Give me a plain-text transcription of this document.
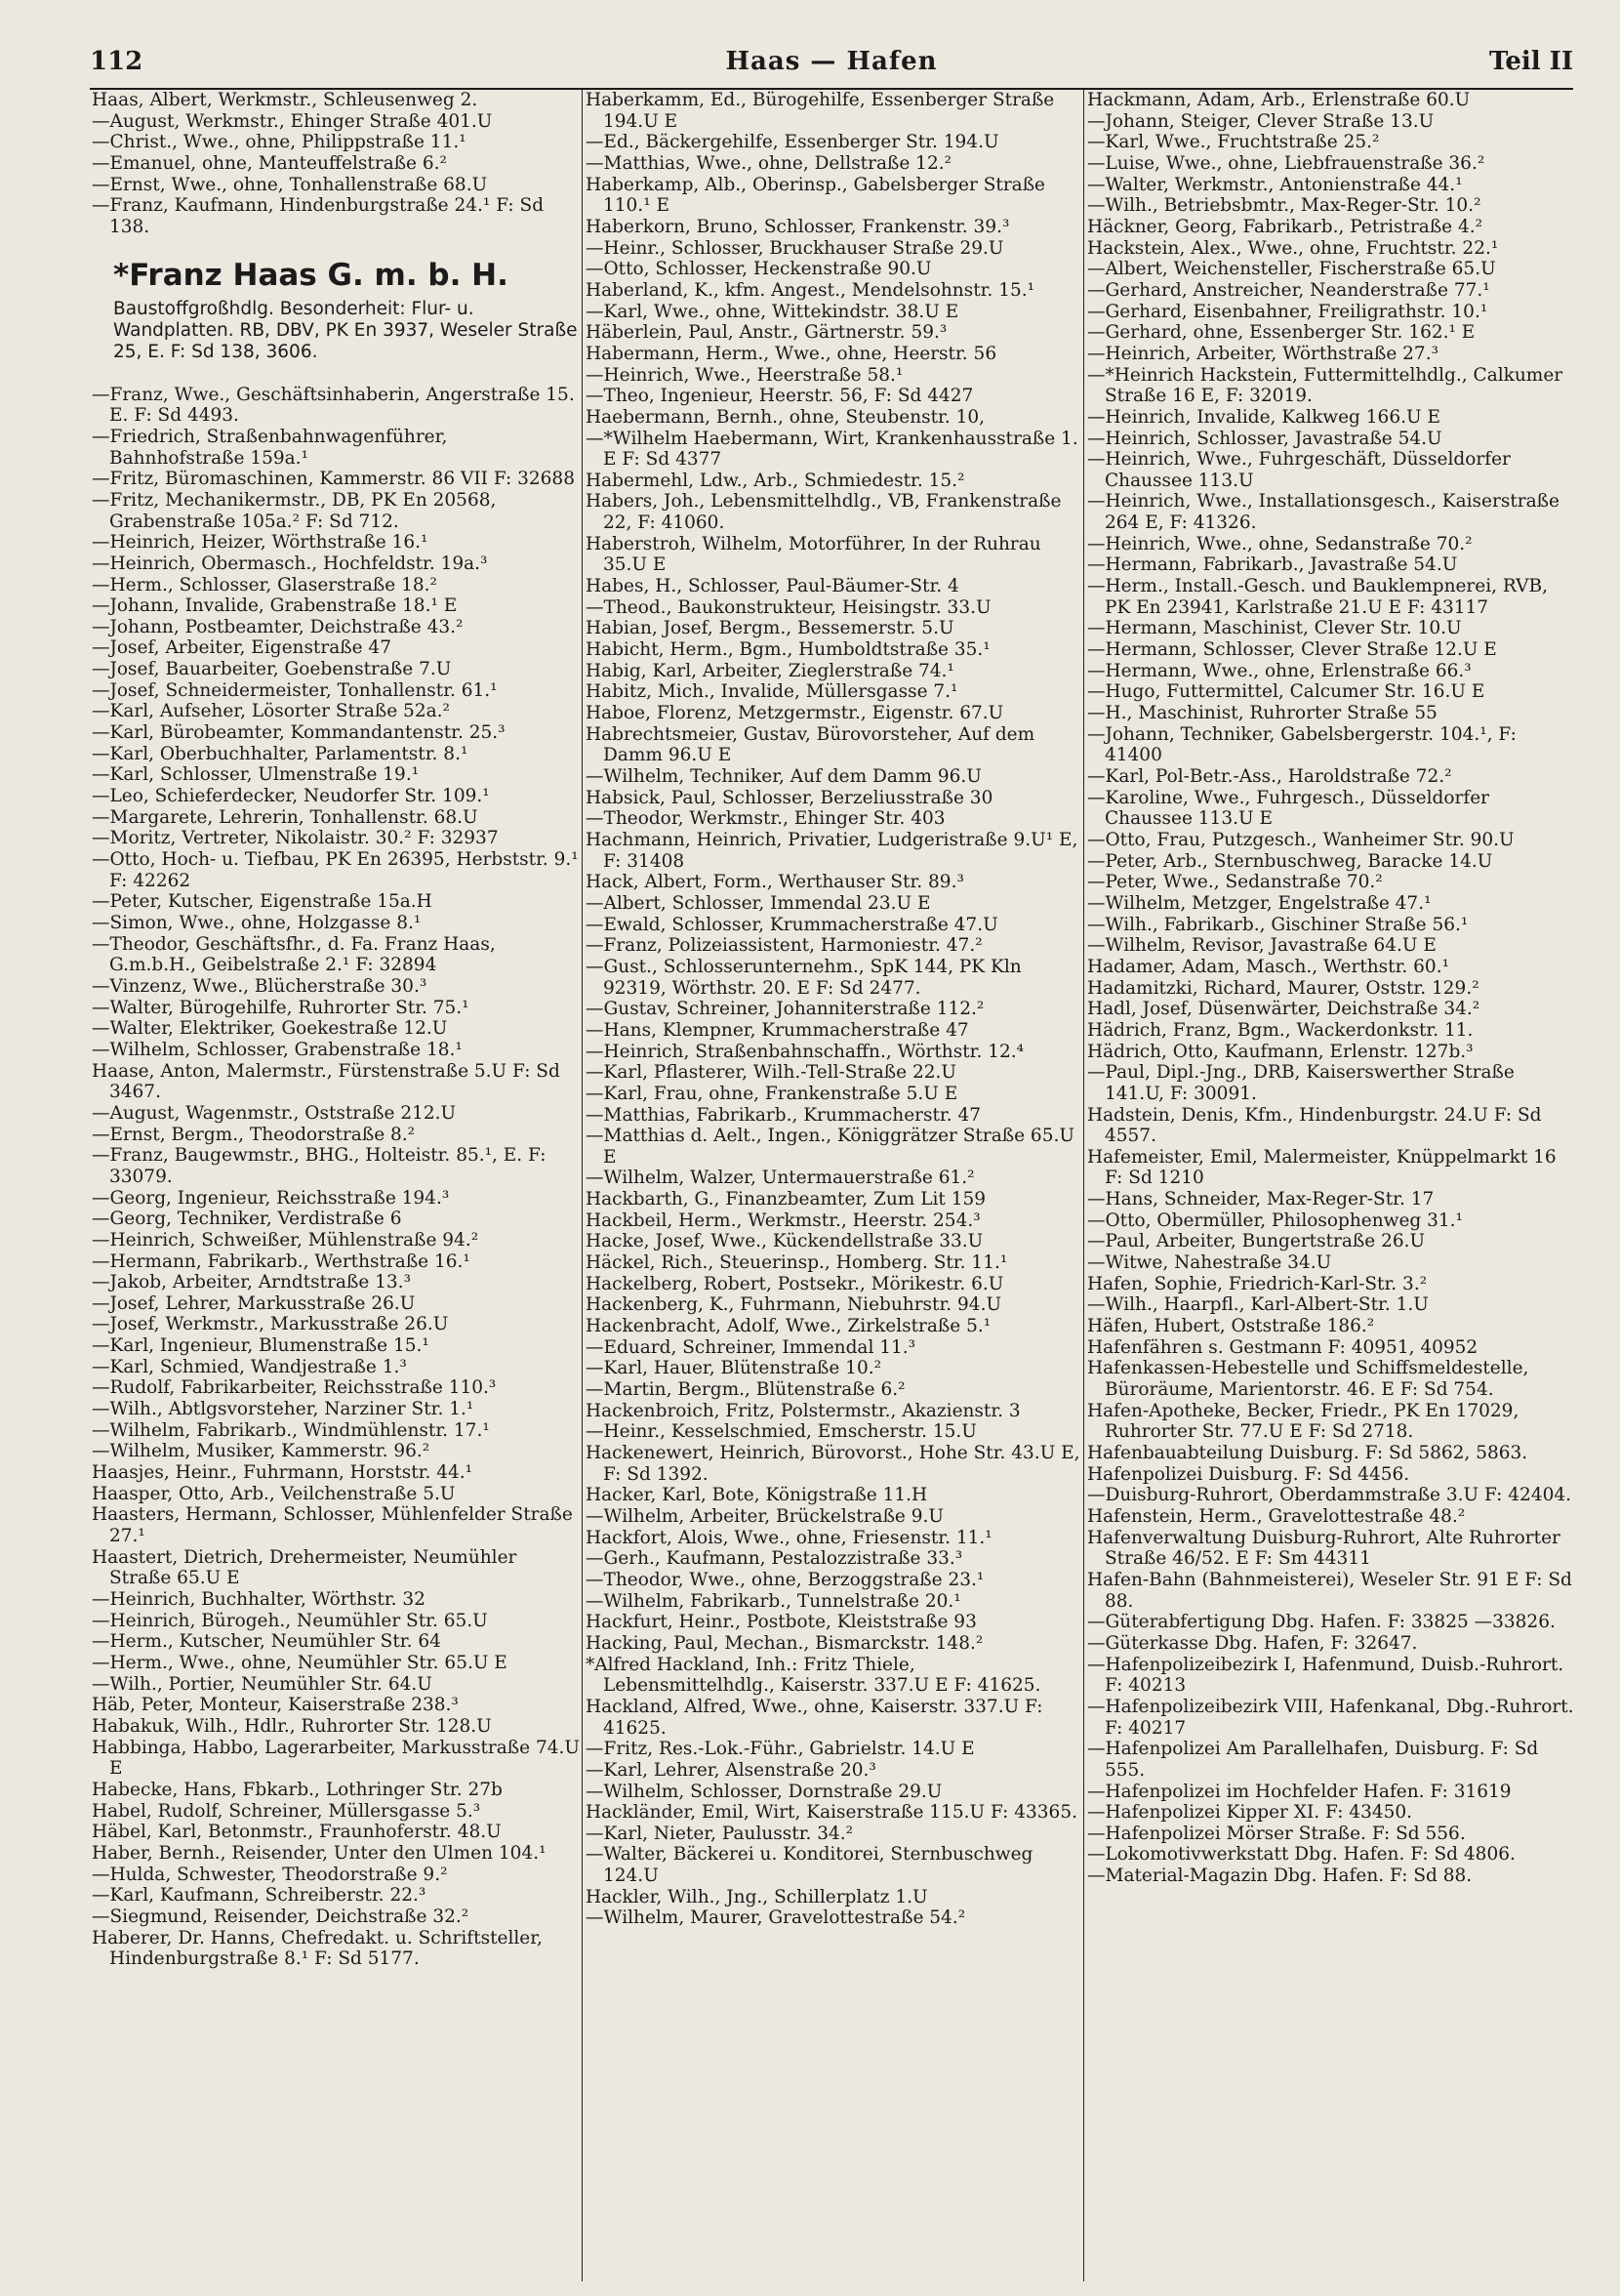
112	Haas — Hafen	Teil II

Haas, Albert, Werkmstr., Schleusenweg 2.

—August, Werkmstr., Ehinger Straße 401.U

—Christ., Wwe., ohne, Philippstraße 11.¹

—Emanuel, ohne, Manteuffelstraße 6.²

—Ernst, Wwe., ohne, Tonhallenstraße 68.U

—Franz, Kaufmann, Hindenburgstraße 24.¹ F: Sd 138.

*Franz Haas G. m. b. H.
Baustoffgroßhdlg. Besonderheit: Flur- u. Wandplatten. RB, DBV, PK En 3937, Weseler Straße 25, E. F: Sd 138, 3606.

—Franz, Wwe., Geschäftsinhaberin, Angerstraße 15. E. F: Sd 4493.

—Friedrich, Straßenbahnwagenführer, Bahnhofstraße 159a.¹

—Fritz, Büromaschinen, Kammerstr. 86 VII F: 32688

—Fritz, Mechanikermstr., DB, PK En 20568, Grabenstraße 105a.² F: Sd 712.

—Heinrich, Heizer, Wörthstraße 16.¹

—Heinrich, Obermasch., Hochfeldstr. 19a.³

—Herm., Schlosser, Glaserstraße 18.²

—Johann, Invalide, Grabenstraße 18.¹ E

—Johann, Postbeamter, Deichstraße 43.²

—Josef, Arbeiter, Eigenstraße 47

—Josef, Bauarbeiter, Goebenstraße 7.U

—Josef, Schneidermeister, Tonhallenstr. 61.¹

—Karl, Aufseher, Lösorter Straße 52a.²

—Karl, Bürobeamter, Kommandantenstr. 25.³

—Karl, Oberbuchhalter, Parlamentstr. 8.¹

—Karl, Schlosser, Ulmenstraße 19.¹

—Leo, Schieferdecker, Neudorfer Str. 109.¹

—Margarete, Lehrerin, Tonhallenstr. 68.U

—Moritz, Vertreter, Nikolaistr. 30.² F: 32937

—Otto, Hoch- u. Tiefbau, PK En 26395, Herbststr. 9.¹ F: 42262

—Peter, Kutscher, Eigenstraße 15a.H

—Simon, Wwe., ohne, Holzgasse 8.¹

—Theodor, Geschäftsfhr., d. Fa. Franz Haas, G.m.b.H., Geibelstraße 2.¹ F: 32894

—Vinzenz, Wwe., Blücherstraße 30.³

—Walter, Bürogehilfe, Ruhrorter Str. 75.¹

—Walter, Elektriker, Goekestraße 12.U

—Wilhelm, Schlosser, Grabenstraße 18.¹

Haase, Anton, Malermstr., Fürstenstraße 5.U F: Sd 3467.

—August, Wagenmstr., Oststraße 212.U

—Ernst, Bergm., Theodorstraße 8.²

—Franz, Baugewmstr., BHG., Holteistr. 85.¹, E. F: 33079.

—Georg, Ingenieur, Reichsstraße 194.³

—Georg, Techniker, Verdistraße 6

—Heinrich, Schweißer, Mühlenstraße 94.²

—Hermann, Fabrikarb., Werthstraße 16.¹

—Jakob, Arbeiter, Arndtstraße 13.³

—Josef, Lehrer, Markusstraße 26.U

—Josef, Werkmstr., Markusstraße 26.U

—Karl, Ingenieur, Blumenstraße 15.¹

—Karl, Schmied, Wandjestraße 1.³

—Rudolf, Fabrikarbeiter, Reichsstraße 110.³

—Wilh., Abtlgsvorsteher, Narziner Str. 1.¹

—Wilhelm, Fabrikarb., Windmühlenstr. 17.¹

—Wilhelm, Musiker, Kammerstr. 96.²

Haasjes, Heinr., Fuhrmann, Horststr. 44.¹

Haasper, Otto, Arb., Veilchenstraße 5.U

Haasters, Hermann, Schlosser, Mühlenfelder Straße 27.¹

Haastert, Dietrich, Drehermeister, Neumühler Straße 65.U E

—Heinrich, Buchhalter, Wörthstr. 32

—Heinrich, Bürogeh., Neumühler Str. 65.U

—Herm., Kutscher, Neumühler Str. 64

—Herm., Wwe., ohne, Neumühler Str. 65.U E

—Wilh., Portier, Neumühler Str. 64.U

Häb, Peter, Monteur, Kaiserstraße 238.³

Habakuk, Wilh., Hdlr., Ruhrorter Str. 128.U

Habbinga, Habbo, Lagerarbeiter, Markusstraße 74.U E

Habecke, Hans, Fbkarb., Lothringer Str. 27b

Habel, Rudolf, Schreiner, Müllersgasse 5.³

Häbel, Karl, Betonmstr., Fraunhoferstr. 48.U

Haber, Bernh., Reisender, Unter den Ulmen 104.¹

—Hulda, Schwester, Theodorstraße 9.²

—Karl, Kaufmann, Schreiberstr. 22.³

—Siegmund, Reisender, Deichstraße 32.²

Haberer, Dr. Hanns, Chefredakt. u. Schriftsteller, Hindenburgstraße 8.¹ F: Sd 5177.

Haberkamm, Ed., Bürogehilfe, Essenberger Straße 194.U E

—Ed., Bäckergehilfe, Essenberger Str. 194.U

—Matthias, Wwe., ohne, Dellstraße 12.²

Haberkamp, Alb., Oberinsp., Gabelsberger Straße 110.¹ E

Haberkorn, Bruno, Schlosser, Frankenstr. 39.³

—Heinr., Schlosser, Bruckhauser Straße 29.U

—Otto, Schlosser, Heckenstraße 90.U

Haberland, K., kfm. Angest., Mendelsohnstr. 15.¹

—Karl, Wwe., ohne, Wittekindstr. 38.U E

Häberlein, Paul, Anstr., Gärtnerstr. 59.³

Habermann, Herm., Wwe., ohne, Heerstr. 56

—Heinrich, Wwe., Heerstraße 58.¹

—Theo, Ingenieur, Heerstr. 56, F: Sd 4427

Haebermann, Bernh., ohne, Steubenstr. 10,

—*Wilhelm Haebermann, Wirt, Krankenhausstraße 1. E F: Sd 4377

Habermehl, Ldw., Arb., Schmiedestr. 15.²

Habers, Joh., Lebensmittelhdlg., VB, Frankenstraße 22, F: 41060.

Haberstroh, Wilhelm, Motorführer, In der Ruhrau 35.U E

Habes, H., Schlosser, Paul-Bäumer-Str. 4

—Theod., Baukonstrukteur, Heisingstr. 33.U

Habian, Josef, Bergm., Bessemerstr. 5.U

Habicht, Herm., Bgm., Humboldtstraße 35.¹

Habig, Karl, Arbeiter, Zieglerstraße 74.¹

Habitz, Mich., Invalide, Müllersgasse 7.¹

Haboe, Florenz, Metzgermstr., Eigenstr. 67.U

Habrechtsmeier, Gustav, Bürovorsteher, Auf dem Damm 96.U E

—Wilhelm, Techniker, Auf dem Damm 96.U

Habsick, Paul, Schlosser, Berzeliusstraße 30

—Theodor, Werkmstr., Ehinger Str. 403

Hachmann, Heinrich, Privatier, Ludgeristraße 9.U¹ E, F: 31408

Hack, Albert, Form., Werthauser Str. 89.³

—Albert, Schlosser, Immendal 23.U E

—Ewald, Schlosser, Krummacherstraße 47.U

—Franz, Polizeiassistent, Harmoniestr. 47.²

—Gust., Schlosserunternehm., SpK 144, PK Kln 92319, Wörthstr. 20. E F: Sd 2477.

—Gustav, Schreiner, Johanniterstraße 112.²

—Hans, Klempner, Krummacherstraße 47

—Heinrich, Straßenbahnschaffn., Wörthstr. 12.⁴

—Karl, Pflasterer, Wilh.-Tell-Straße 22.U

—Karl, Frau, ohne, Frankenstraße 5.U E

—Matthias, Fabrikarb., Krummacherstr. 47

—Matthias d. Aelt., Ingen., Königgrätzer Straße 65.U E

—Wilhelm, Walzer, Untermauerstraße 61.²

Hackbarth, G., Finanzbeamter, Zum Lit 159

Hackbeil, Herm., Werkmstr., Heerstr. 254.³

Hacke, Josef, Wwe., Kückendellstraße 33.U

Häckel, Rich., Steuerinsp., Homberg. Str. 11.¹

Hackelberg, Robert, Postsekr., Mörikestr. 6.U

Hackenberg, K., Fuhrmann, Niebuhrstr. 94.U

Hackenbracht, Adolf, Wwe., Zirkelstraße 5.¹

—Eduard, Schreiner, Immendal 11.³

—Karl, Hauer, Blütenstraße 10.²

—Martin, Bergm., Blütenstraße 6.²

Hackenbroich, Fritz, Polstermstr., Akazienstr. 3

—Heinr., Kesselschmied, Emscherstr. 15.U

Hackenewert, Heinrich, Bürovorst., Hohe Str. 43.U E, F: Sd 1392.

Hacker, Karl, Bote, Königstraße 11.H

—Wilhelm, Arbeiter, Brückelstraße 9.U

Hackfort, Alois, Wwe., ohne, Friesenstr. 11.¹

—Gerh., Kaufmann, Pestalozzistraße 33.³

—Theodor, Wwe., ohne, Berzoggstraße 23.¹

—Wilhelm, Fabrikarb., Tunnelstraße 20.¹

Hackfurt, Heinr., Postbote, Kleiststraße 93

Hacking, Paul, Mechan., Bismarckstr. 148.²

*Alfred Hackland, Inh.: Fritz Thiele, Lebensmittelhdlg., Kaiserstr. 337.U E F: 41625.

Hackland, Alfred, Wwe., ohne, Kaiserstr. 337.U F: 41625.

—Fritz, Res.-Lok.-Führ., Gabrielstr. 14.U E

—Karl, Lehrer, Alsenstraße 20.³

—Wilhelm, Schlosser, Dornstraße 29.U

Hackländer, Emil, Wirt, Kaiserstraße 115.U F: 43365.

—Karl, Nieter, Paulusstr. 34.²

—Walter, Bäckerei u. Konditorei, Sternbuschweg 124.U

Hackler, Wilh., Jng., Schillerplatz 1.U

—Wilhelm, Maurer, Gravelottestraße 54.²

Hackmann, Adam, Arb., Erlenstraße 60.U

—Johann, Steiger, Clever Straße 13.U

—Karl, Wwe., Fruchtstraße 25.²

—Luise, Wwe., ohne, Liebfrauenstraße 36.²

—Walter, Werkmstr., Antonienstraße 44.¹

—Wilh., Betriebsbmtr., Max-Reger-Str. 10.²

Häckner, Georg, Fabrikarb., Petristraße 4.²

Hackstein, Alex., Wwe., ohne, Fruchtstr. 22.¹

—Albert, Weichensteller, Fischerstraße 65.U

—Gerhard, Anstreicher, Neanderstraße 77.¹

—Gerhard, Eisenbahner, Freiligrathstr. 10.¹

—Gerhard, ohne, Essenberger Str. 162.¹ E

—Heinrich, Arbeiter, Wörthstraße 27.³

—*Heinrich Hackstein, Futtermittelhdlg., Calkumer Straße 16 E, F: 32019.

—Heinrich, Invalide, Kalkweg 166.U E

—Heinrich, Schlosser, Javastraße 54.U

—Heinrich, Wwe., Fuhrgeschäft, Düsseldorfer Chaussee 113.U

—Heinrich, Wwe., Installationsgesch., Kaiserstraße 264 E, F: 41326.

—Heinrich, Wwe., ohne, Sedanstraße 70.²

—Hermann, Fabrikarb., Javastraße 54.U

—Herm., Install.-Gesch. und Bauklempnerei, RVB, PK En 23941, Karlstraße 21.U E F: 43117

—Hermann, Maschinist, Clever Str. 10.U

—Hermann, Schlosser, Clever Straße 12.U E

—Hermann, Wwe., ohne, Erlenstraße 66.³

—Hugo, Futtermittel, Calcumer Str. 16.U E

—H., Maschinist, Ruhrorter Straße 55

—Johann, Techniker, Gabelsbergerstr. 104.¹, F: 41400

—Karl, Pol-Betr.-Ass., Haroldstraße 72.²

—Karoline, Wwe., Fuhrgesch., Düsseldorfer Chaussee 113.U E

—Otto, Frau, Putzgesch., Wanheimer Str. 90.U

—Peter, Arb., Sternbuschweg, Baracke 14.U

—Peter, Wwe., Sedanstraße 70.²

—Wilhelm, Metzger, Engelstraße 47.¹

—Wilh., Fabrikarb., Gischiner Straße 56.¹

—Wilhelm, Revisor, Javastraße 64.U E

Hadamer, Adam, Masch., Werthstr. 60.¹

Hadamitzki, Richard, Maurer, Oststr. 129.²

Hadl, Josef, Düsenwärter, Deichstraße 34.²

Hädrich, Franz, Bgm., Wackerdonkstr. 11.

Hädrich, Otto, Kaufmann, Erlenstr. 127b.³

—Paul, Dipl.-Jng., DRB, Kaiserswerther Straße 141.U, F: 30091.

Hadstein, Denis, Kfm., Hindenburgstr. 24.U F: Sd 4557.

Hafemeister, Emil, Malermeister, Knüppelmarkt 16 F: Sd 1210

—Hans, Schneider, Max-Reger-Str. 17

—Otto, Obermüller, Philosophenweg 31.¹

—Paul, Arbeiter, Bungertstraße 26.U

—Witwe, Nahestraße 34.U

Hafen, Sophie, Friedrich-Karl-Str. 3.²

—Wilh., Haarpfl., Karl-Albert-Str. 1.U

Häfen, Hubert, Oststraße 186.²

Hafenfähren s. Gestmann F: 40951, 40952

Hafenkassen-Hebestelle und Schiffsmeldestelle, Büroräume, Marientorstr. 46. E F: Sd 754.

Hafen-Apotheke, Becker, Friedr., PK En 17029, Ruhrorter Str. 77.U E F: Sd 2718.

Hafenbauabteilung Duisburg. F: Sd 5862, 5863.

Hafenpolizei Duisburg. F: Sd 4456.

—Duisburg-Ruhrort, Oberdammstraße 3.U F: 42404.

Hafenstein, Herm., Gravelottestraße 48.²

Hafenverwaltung Duisburg-Ruhrort, Alte Ruhrorter Straße 46/52. E F: Sm 44311

Hafen-Bahn (Bahnmeisterei), Weseler Str. 91 E F: Sd 88.

—Güterabfertigung Dbg. Hafen. F: 33825 —33826.

—Güterkasse Dbg. Hafen, F: 32647.

—Hafenpolizeibezirk I, Hafenmund, Duisb.-Ruhrort. F: 40213

—Hafenpolizeibezirk VIII, Hafenkanal, Dbg.-Ruhrort. F: 40217

—Hafenpolizei Am Parallelhafen, Duisburg. F: Sd 555.

—Hafenpolizei im Hochfelder Hafen. F: 31619

—Hafenpolizei Kipper XI. F: 43450.

—Hafenpolizei Mörser Straße. F: Sd 556.

—Lokomotivwerkstatt Dbg. Hafen. F: Sd 4806.

—Material-Magazin Dbg. Hafen. F: Sd 88.
